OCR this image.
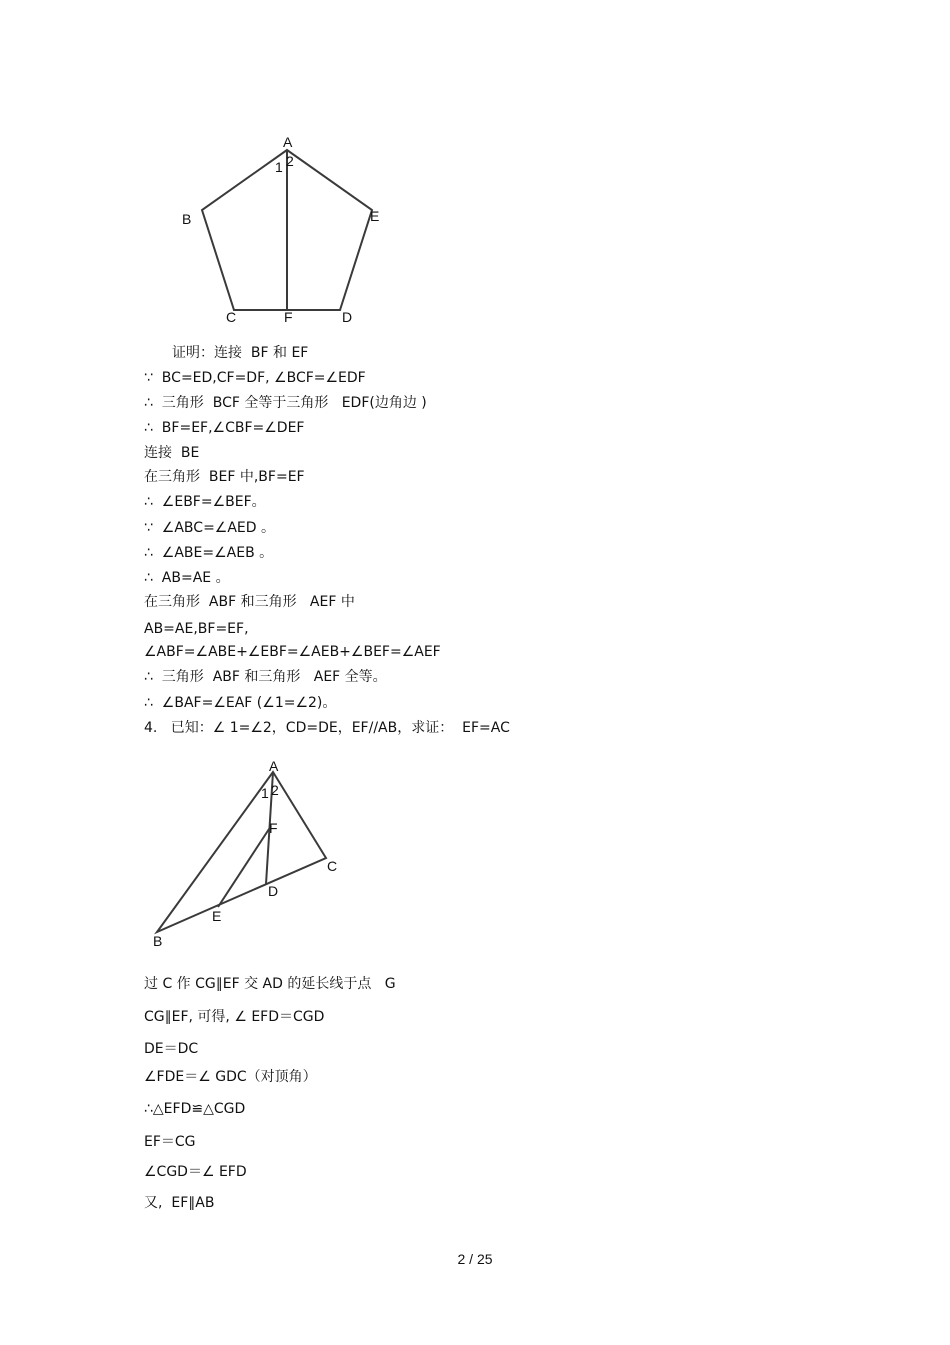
A
1 2
B	E
C	F	D

证明：连接  BF 和 EF

∵  BC=ED,CF=DF, ∠BCF=∠EDF

∴  三角形  BCF 全等于三角形   EDF(边角边 )

∴  BF=EF,∠CBF=∠DEF

连接  BE

在三角形  BEF 中,BF=EF

∴  ∠EBF=∠BEF。

∵  ∠ABC=∠AED 。

∴  ∠ABE=∠AEB 。

∴  AB=AE 。

在三角形  ABF 和三角形   AEF 中

AB=AE,BF=EF,

∠ABF=∠ABE+∠EBF=∠AEB+∠BEF=∠AEF

∴  三角形  ABF 和三角形   AEF 全等。

∴  ∠BAF=∠EAF (∠1=∠2)。

4.   已知：∠ 1=∠2，CD=DE，EF//AB，求证：  EF=AC

A
1 2
F
C
D
E
B

过 C 作 CG∥EF 交 AD 的延长线于点   G

CG∥EF, 可得, ∠ EFD＝CGD

DE＝DC

∠FDE＝∠ GDC（对顶角）

∴△EFD≌△CGD

EF＝CG

∠CGD＝∠ EFD

又,  EF∥AB

2 / 25
